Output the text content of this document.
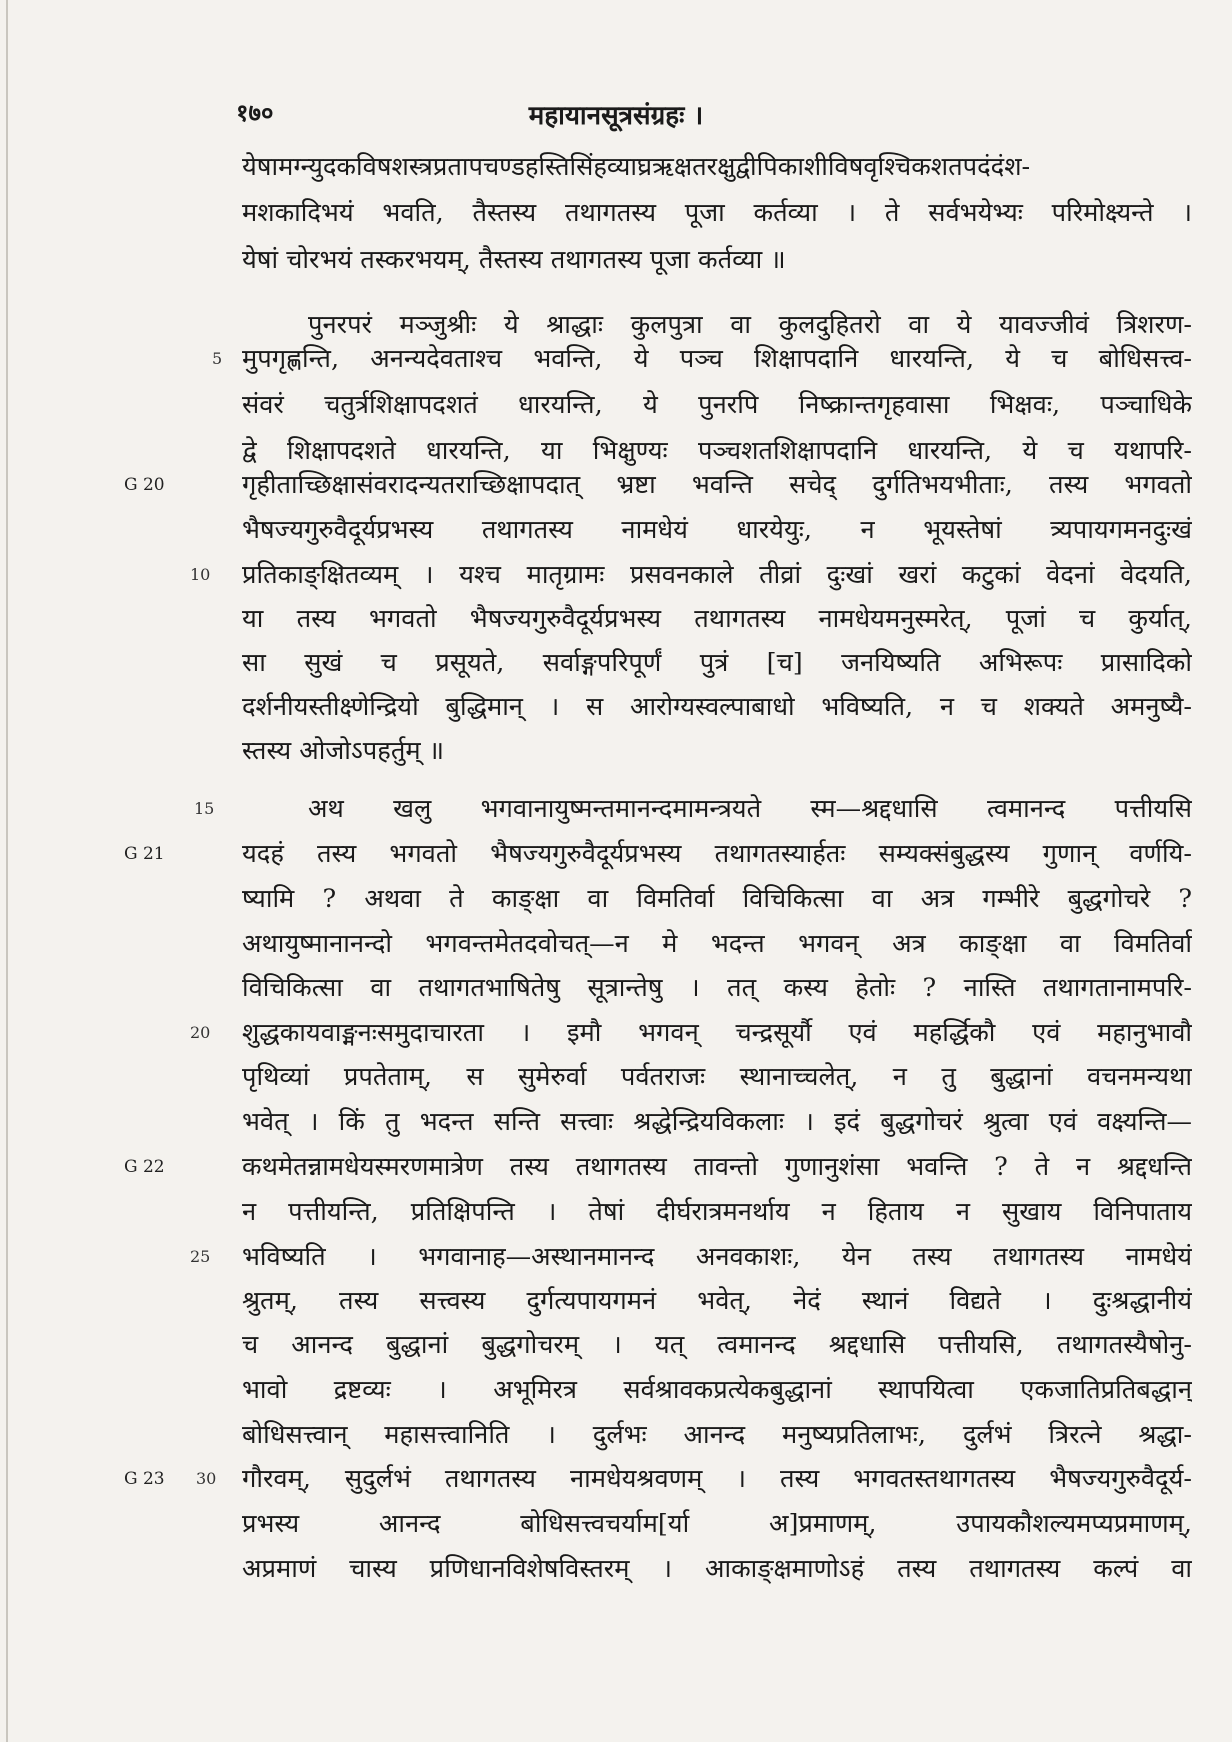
१७०	महायानसूत्रसंग्रहः ।
येषामग्न्युदकविषशस्त्रप्रतापचण्डहस्तिसिंहव्याघ्रऋक्षतरक्षुद्वीपिकाशीविषवृश्चिकशतपदंदंश-
मशकादिभयं भवति, तैस्तस्य तथागतस्य पूजा कर्तव्या । ते सर्वभयेभ्यः परिमोक्ष्यन्ते ।
येषां चोरभयं तस्करभयम्, तैस्तस्य तथागतस्य पूजा कर्तव्या ॥
पुनरपरं मञ्जुश्रीः ये श्राद्धाः कुलपुत्रा वा कुलदुहितरो वा ये यावज्जीवं त्रिशरण-
5 मुपगृह्णन्ति, अनन्यदेवताश्च भवन्ति, ये पञ्च शिक्षापदानि धारयन्ति, ये च बोधिसत्त्व-
संवरं चतुर्त्रशिक्षापदशतं धारयन्ति, ये पुनरपि निष्क्रान्तगृहवासा भिक्षवः, पञ्चाधिके
द्वे शिक्षापदशते धारयन्ति, या भिक्षुण्यः पञ्चशतशिक्षापदानि धारयन्ति, ये च यथापरि-
G 20	गृहीताच्छिक्षासंवरादन्यतराच्छिक्षापदात् भ्रष्टा भवन्ति सचेद् दुर्गतिभयभीताः, तस्य भगवतो
भैषज्यगुरुवैदूर्यप्रभस्य तथागतस्य नामधेयं धारयेयुः, न भूयस्तेषां त्र्यपायगमनदुःखं
10 प्रतिकाङ्क्षितव्यम् । यश्च मातृग्रामः प्रसवनकाले तीव्रां दुःखां खरां कटुकां वेदनां वेदयति,
या तस्य भगवतो भैषज्यगुरुवैदूर्यप्रभस्य तथागतस्य नामधेयमनुस्मरेत्, पूजां च कुर्यात्,
सा सुखं च प्रसूयते, सर्वाङ्गपरिपूर्णं पुत्रं [च] जनयिष्यति अभिरूपः प्रासादिको
दर्शनीयस्तीक्ष्णेन्द्रियो बुद्धिमान् । स आरोग्यस्वल्पाबाधो भविष्यति, न च शक्यते अमनुष्यै-
स्तस्य ओजोऽपहर्तुम् ॥
15	अथ खलु भगवानायुष्मन्तमानन्दमामन्त्रयते स्म—श्रद्दधासि त्वमानन्द पत्तीयसि
G 21	यदहं तस्य भगवतो भैषज्यगुरुवैदूर्यप्रभस्य तथागतस्यार्हतः सम्यक्संबुद्धस्य गुणान् वर्णयि-
ष्यामि ? अथवा ते काङ्क्षा वा विमतिर्वा विचिकित्सा वा अत्र गम्भीरे बुद्धगोचरे ?
अथायुष्मानानन्दो भगवन्तमेतदवोचत्—न मे भदन्त भगवन् अत्र काङ्क्षा वा विमतिर्वा
विचिकित्सा वा तथागतभाषितेषु सूत्रान्तेषु । तत् कस्य हेतोः ? नास्ति तथागतानामपरि-
20 शुद्धकायवाङ्मनःसमुदाचारता । इमौ भगवन् चन्द्रसूर्यौ एवं महर्द्धिकौ एवं महानुभावौ
पृथिव्यां प्रपतेताम्, स सुमेरुर्वा पर्वतराजः स्थानाच्चलेत्, न तु बुद्धानां वचनमन्यथा
भवेत् । किं तु भदन्त सन्ति सत्त्वाः श्रद्धेन्द्रियविकलाः । इदं बुद्धगोचरं श्रुत्वा एवं वक्ष्यन्ति—
G 22	कथमेतन्नामधेयस्मरणमात्रेण तस्य तथागतस्य तावन्तो गुणानुशंसा भवन्ति ? ते न श्रद्दधन्ति
न पत्तीयन्ति, प्रतिक्षिपन्ति । तेषां दीर्घरात्रमनर्थाय न हिताय न सुखाय विनिपाताय
25 भविष्यति । भगवानाह—अस्थानमानन्द अनवकाशः, येन तस्य तथागतस्य नामधेयं
श्रुतम्, तस्य सत्त्वस्य दुर्गत्यपायगमनं भवेत्, नेदं स्थानं विद्यते । दुःश्रद्धानीयं
च आनन्द बुद्धानां बुद्धगोचरम् । यत् त्वमानन्द श्रद्दधासि पत्तीयसि, तथागतस्यैषोनु-
भावो द्रष्टव्यः । अभूमिरत्र सर्वश्रावकप्रत्येकबुद्धानां स्थापयित्वा एकजातिप्रतिबद्धान्
बोधिसत्त्वान् महासत्त्वानिति । दुर्लभः आनन्द मनुष्यप्रतिलाभः, दुर्लभं त्रिरत्ने श्रद्धा-
G 23 30 गौरवम्, सुदुर्लभं तथागतस्य नामधेयश्रवणम् । तस्य भगवतस्तथागतस्य भैषज्यगुरुवैदूर्य-
प्रभस्य आनन्द बोधिसत्त्वचर्याम[र्या अ]प्रमाणम्, उपायकौशल्यमप्यप्रमाणम्,
अप्रमाणं चास्य प्रणिधानविशेषविस्तरम् । आकाङ्क्षमाणोऽहं तस्य तथागतस्य कल्पं वा
